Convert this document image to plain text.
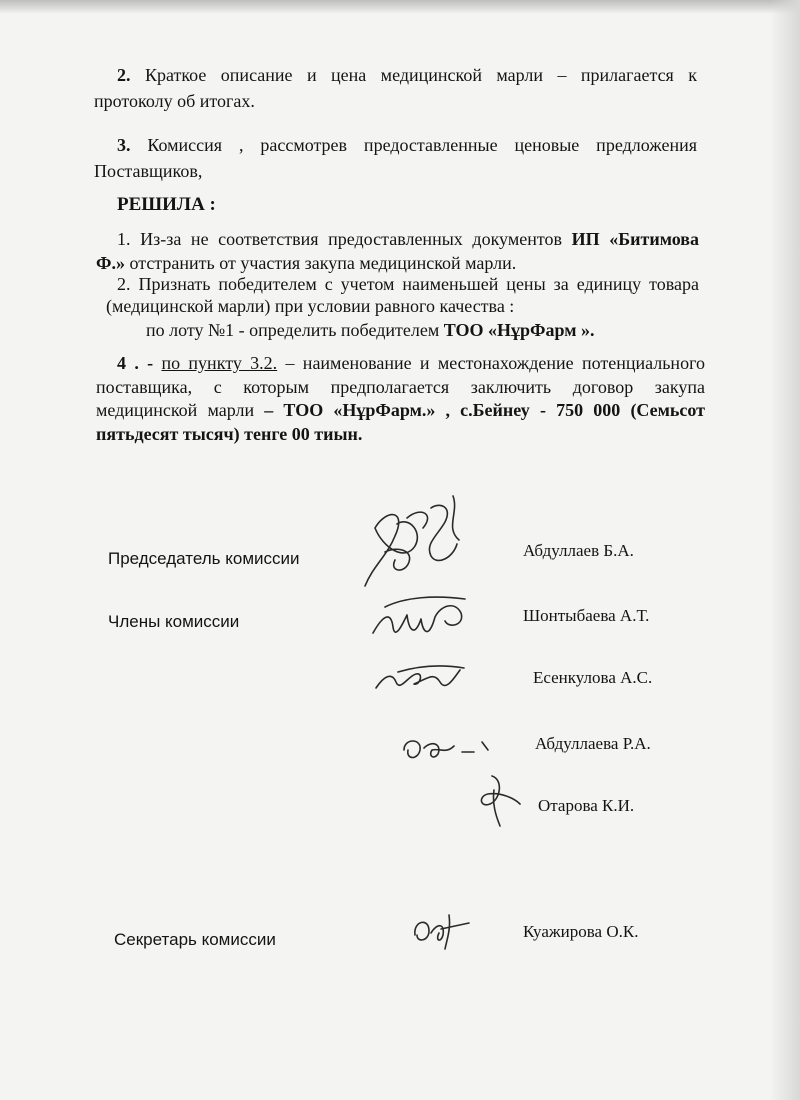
2. Краткое описание и цена медицинской марли – прилагается к
протоколу об итогах.
3. Комиссия , рассмотрев предоставленные ценовые предложения
Поставщиков,
РЕШИЛА :
1. Из-за не соответствия предоставленных документов ИП «Битимова
Ф.» отстранить от участия закупа медицинской марли.
2. Признать победителем с учетом наименьшей цены за единицу товара
(медицинской марли) при условии равного качества :
по лоту №1 - определить победителем ТОО «НұрФарм ».
4 . - по пункту 3.2. – наименование и местонахождение потенциального
поставщика, с которым предполагается заключить договор закупа
медицинской марли – ТОО «НұрФарм.» , с.Бейнеу - 750 000 (Семьсот
пятьдесят тысяч) тенге 00 тиын.
Председатель комиссии	Абдуллаев Б.А.
Члены комиссии	Шонтыбаева А.Т.
Есенкулова А.С.
Абдуллаева Р.А.
Отарова К.И.
Секретарь комиссии	Куажирова О.К.
